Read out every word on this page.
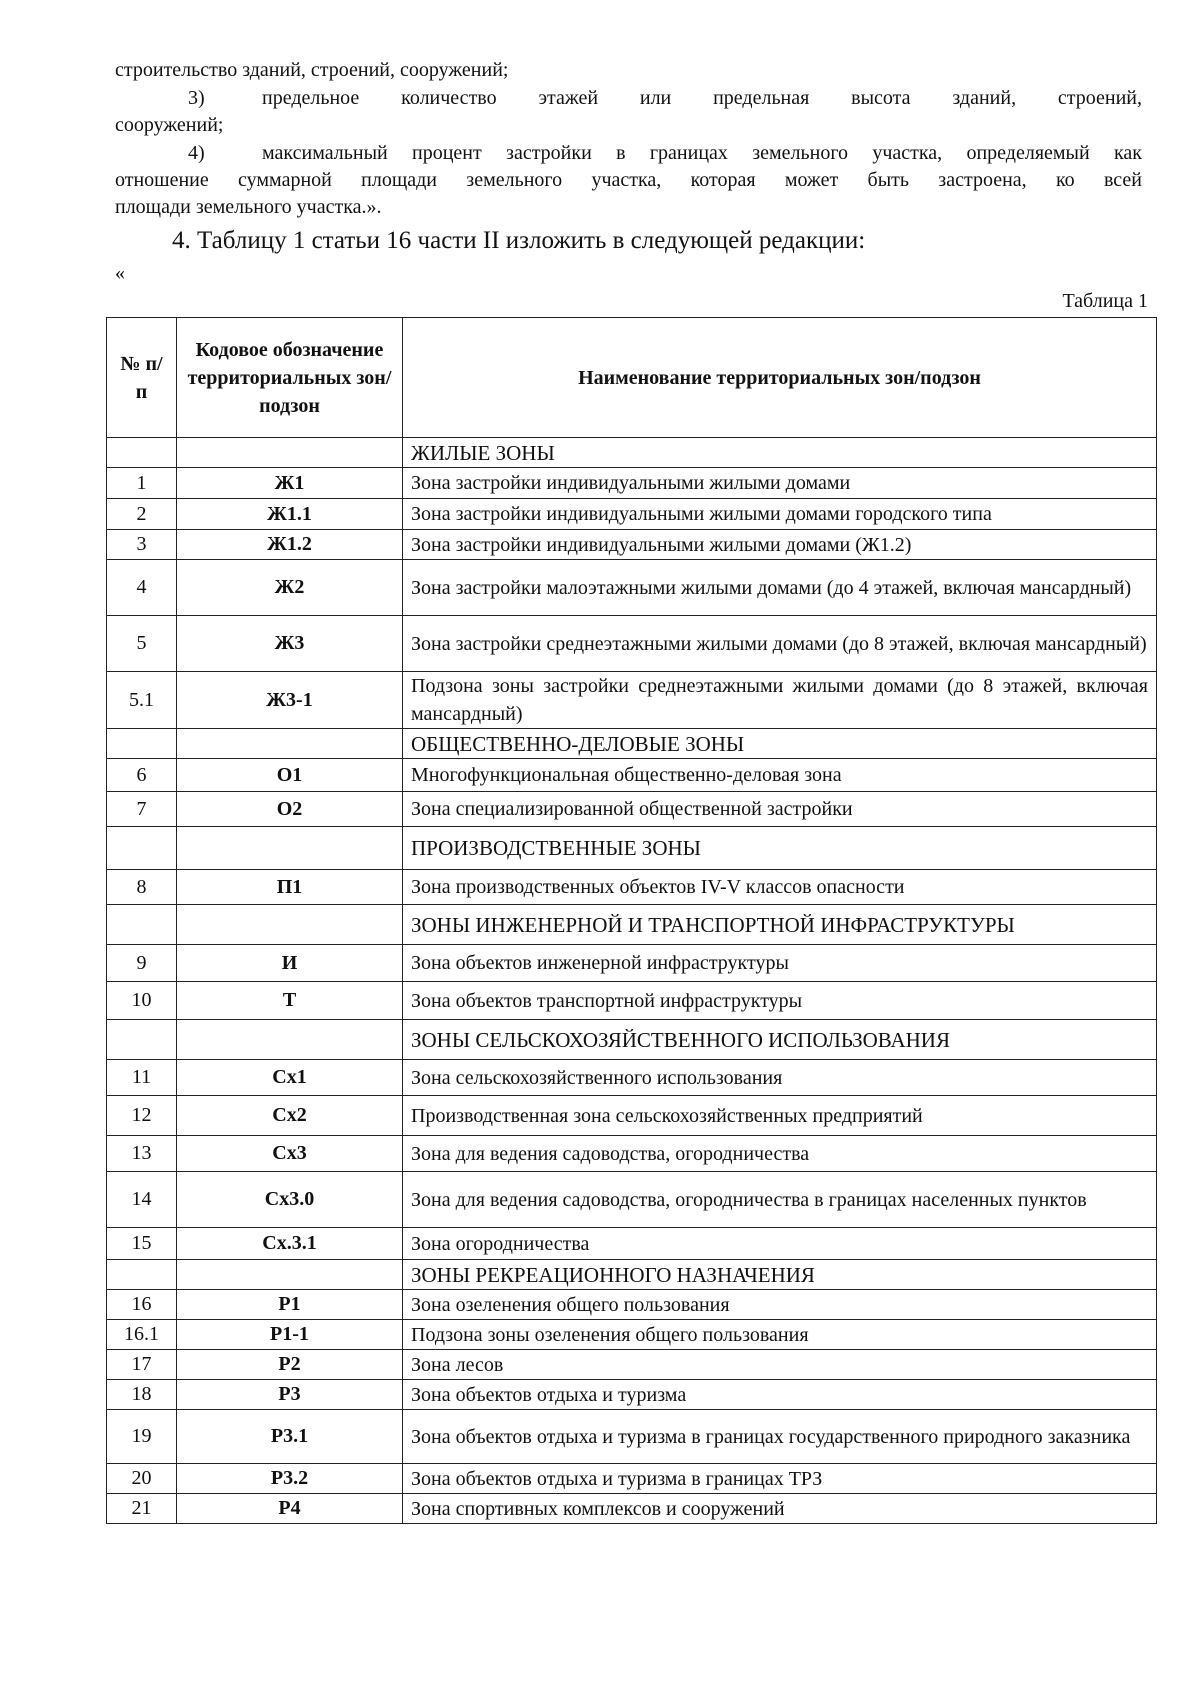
строительство зданий, строений, сооружений;

3)	предельное количество этажей или предельная высота зданий, строений,

сооружений;

4)	максимальный процент застройки в границах земельного участка, определяемый как

отношение суммарной площади земельного участка, которая может быть застроена, ко всей

площади земельного участка.».

4. Таблицу 1 статьи 16 части II изложить в следующей редакции:

«

Таблица 1

№ п/п	Кодовое обозначение территориальных зон/подзон	Наименование территориальных зон/подзон
		ЖИЛЫЕ ЗОНЫ
1	Ж1	Зона застройки индивидуальными жилыми домами
2	Ж1.1	Зона застройки индивидуальными жилыми домами городского типа
3	Ж1.2	Зона застройки индивидуальными жилыми домами (Ж1.2)
4	Ж2	Зона застройки малоэтажными жилыми домами (до 4 этажей, включая мансардный)
5	Ж3	Зона застройки среднеэтажными жилыми домами (до 8 этажей, включая мансардный)
5.1	Ж3-1	Подзона зоны застройки среднеэтажными жилыми домами (до 8 этажей, включая мансардный)
		ОБЩЕСТВЕННО-ДЕЛОВЫЕ ЗОНЫ
6	О1	Многофункциональная общественно-деловая зона
7	О2	Зона специализированной общественной застройки
		ПРОИЗВОДСТВЕННЫЕ ЗОНЫ
8	П1	Зона производственных объектов IV-V классов опасности
		ЗОНЫ ИНЖЕНЕРНОЙ И ТРАНСПОРТНОЙ ИНФРАСТРУКТУРЫ
9	И	Зона объектов инженерной инфраструктуры
10	Т	Зона объектов транспортной инфраструктуры
		ЗОНЫ СЕЛЬСКОХОЗЯЙСТВЕННОГО ИСПОЛЬЗОВАНИЯ
11	Сх1	Зона сельскохозяйственного использования
12	Сх2	Производственная зона сельскохозяйственных предприятий
13	Сх3	Зона для ведения садоводства, огородничества
14	Сх3.0	Зона для ведения садоводства, огородничества в границах населенных пунктов
15	Сх.3.1	Зона огородничества
		ЗОНЫ РЕКРЕАЦИОННОГО НАЗНАЧЕНИЯ
16	Р1	Зона озеленения общего пользования
16.1	Р1-1	Подзона зоны озеленения общего пользования
17	Р2	Зона лесов
18	Р3	Зона объектов отдыха и туризма
19	Р3.1	Зона объектов отдыха и туризма в границах государственного природного заказника
20	Р3.2	Зона объектов отдыха и туризма в границах ТРЗ
21	Р4	Зона спортивных комплексов и сооружений
